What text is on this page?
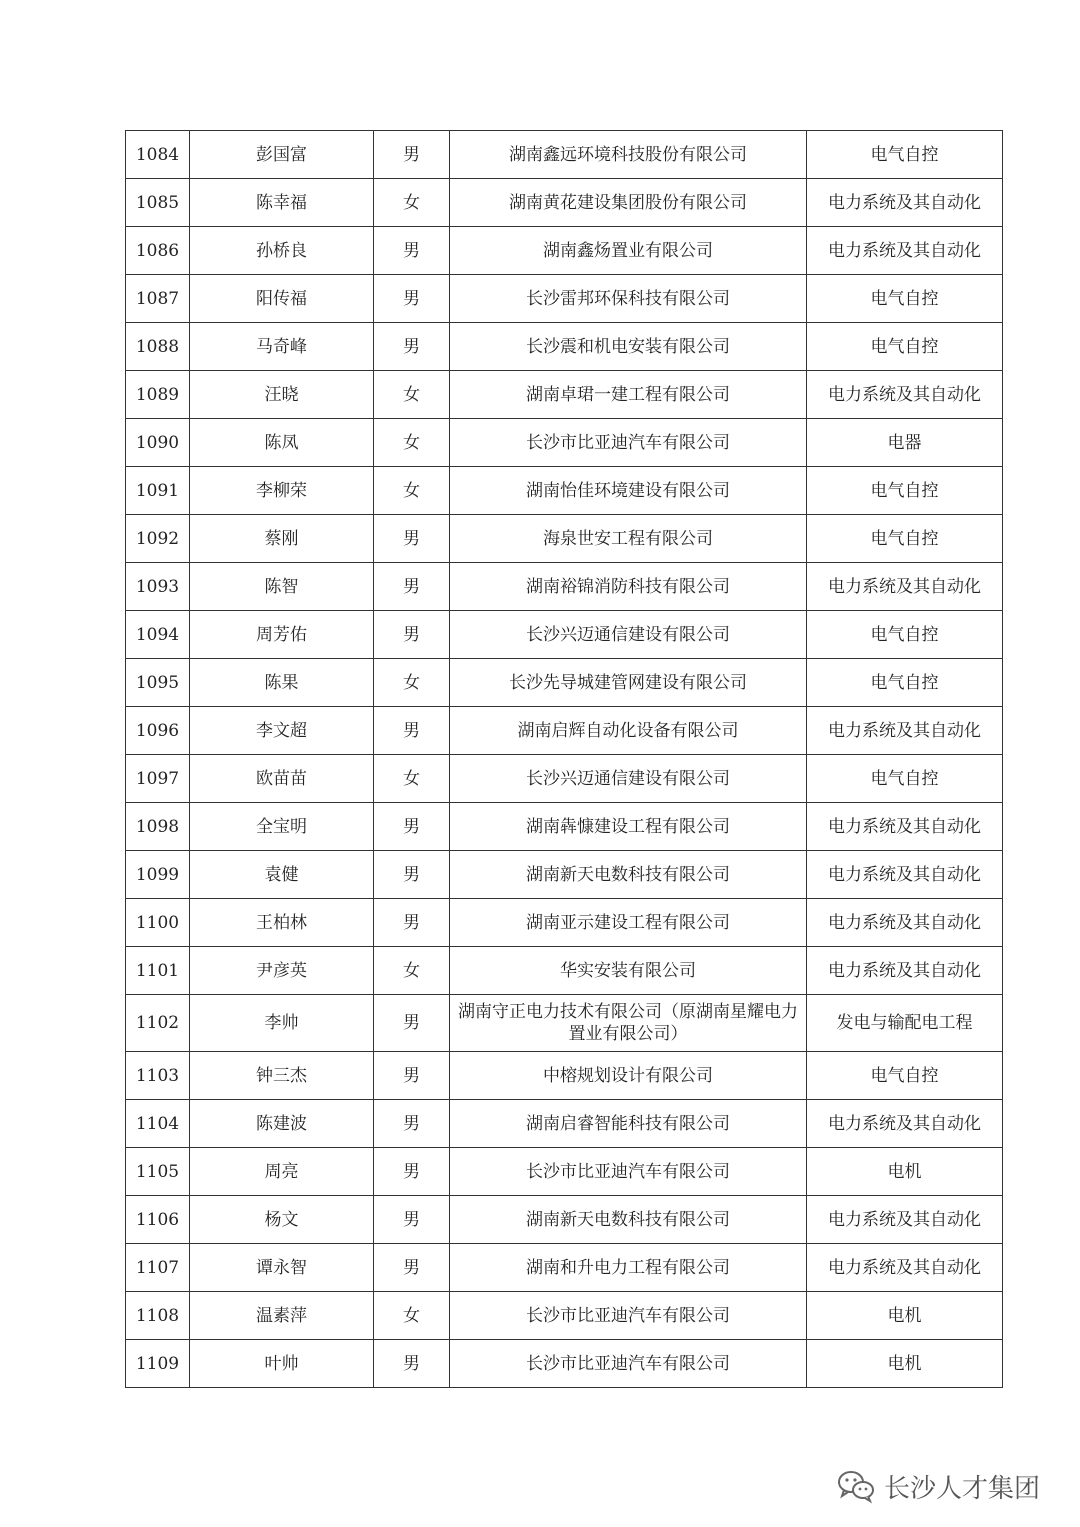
1084	彭国富	男	湖南鑫远环境科技股份有限公司	电气自控
1085	陈幸福	女	湖南黄花建设集团股份有限公司	电力系统及其自动化
1086	孙桥良	男	湖南鑫炀置业有限公司	电力系统及其自动化
1087	阳传福	男	长沙雷邦环保科技有限公司	电气自控
1088	马奇峰	男	长沙震和机电安装有限公司	电气自控
1089	汪晓	女	湖南卓珺一建工程有限公司	电力系统及其自动化
1090	陈凤	女	长沙市比亚迪汽车有限公司	电器
1091	李柳荣	女	湖南怡佳环境建设有限公司	电气自控
1092	蔡刚	男	海泉世安工程有限公司	电气自控
1093	陈智	男	湖南裕锦消防科技有限公司	电力系统及其自动化
1094	周芳佑	男	长沙兴迈通信建设有限公司	电气自控
1095	陈果	女	长沙先导城建管网建设有限公司	电气自控
1096	李文超	男	湖南启辉自动化设备有限公司	电力系统及其自动化
1097	欧苗苗	女	长沙兴迈通信建设有限公司	电气自控
1098	全宝明	男	湖南犇慷建设工程有限公司	电力系统及其自动化
1099	袁健	男	湖南新天电数科技有限公司	电力系统及其自动化
1100	王柏林	男	湖南亚示建设工程有限公司	电力系统及其自动化
1101	尹彦英	女	华实安装有限公司	电力系统及其自动化
1102	李帅	男	湖南守正电力技术有限公司（原湖南星耀电力置业有限公司）	发电与输配电工程
1103	钟三杰	男	中榕规划设计有限公司	电气自控
1104	陈建波	男	湖南启睿智能科技有限公司	电力系统及其自动化
1105	周亮	男	长沙市比亚迪汽车有限公司	电机
1106	杨文	男	湖南新天电数科技有限公司	电力系统及其自动化
1107	谭永智	男	湖南和升电力工程有限公司	电力系统及其自动化
1108	温素萍	女	长沙市比亚迪汽车有限公司	电机
1109	叶帅	男	长沙市比亚迪汽车有限公司	电机
长沙人才集团
